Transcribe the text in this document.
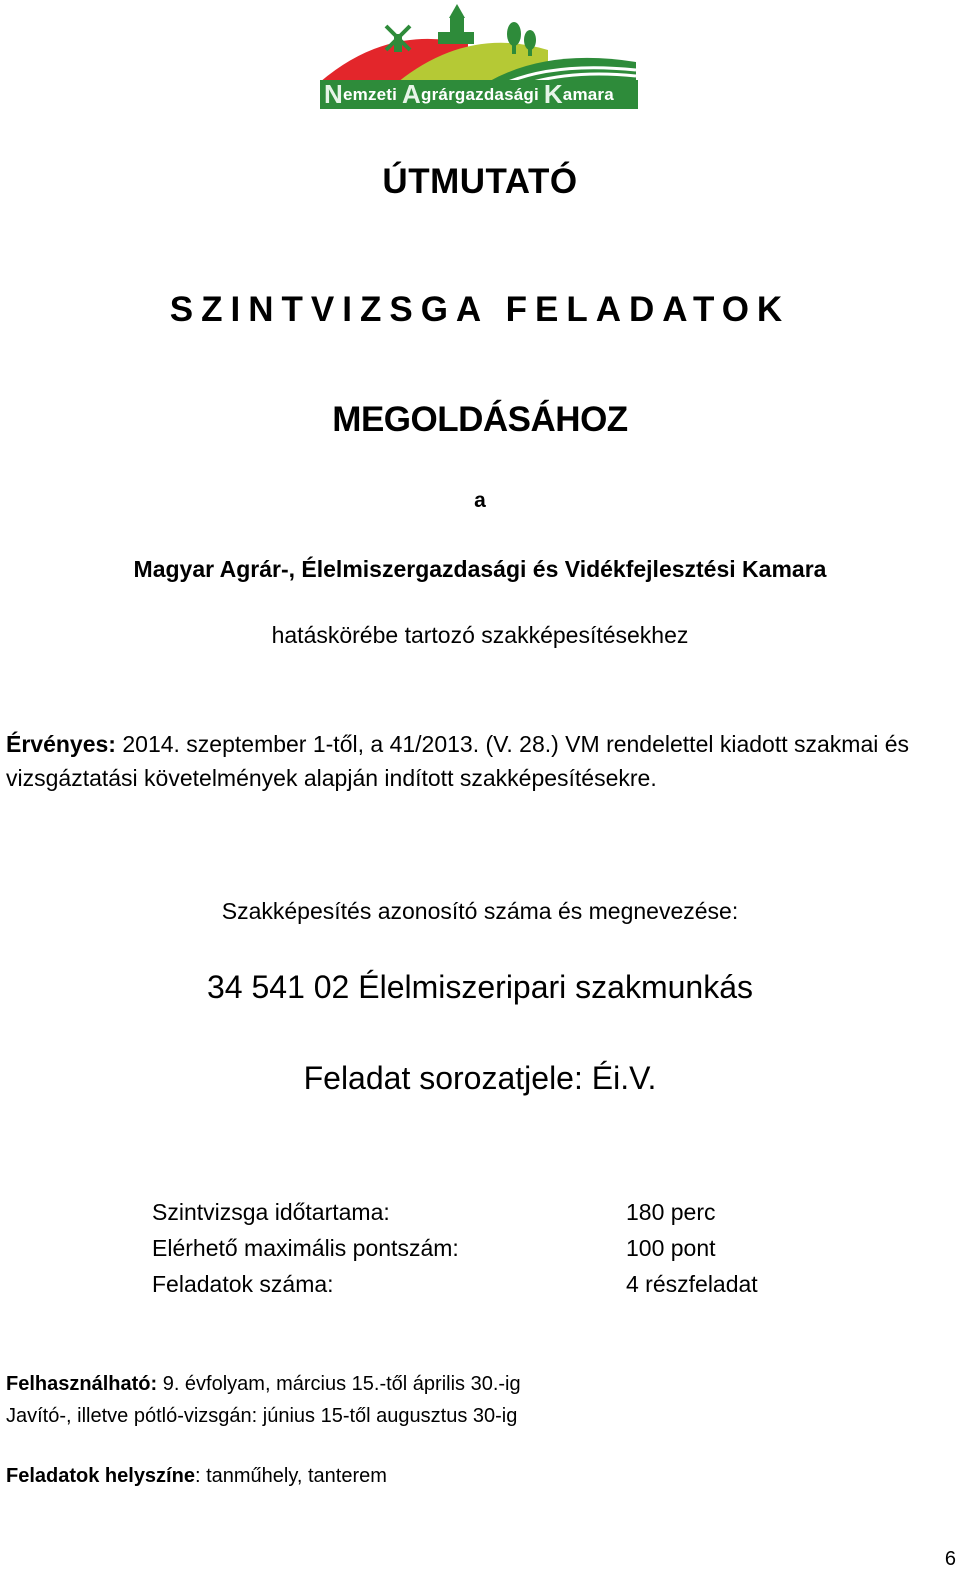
Nemzeti Agrárgazdasági Kamara
ÚTMUTATÓ
SZINTVIZSGA FELADATOK
MEGOLDÁSÁHOZ
a
Magyar Agrár-, Élelmiszergazdasági és Vidékfejlesztési Kamara
hatáskörébe tartozó szakképesítésekhez
Érvényes: 2014. szeptember 1-től, a 41/2013. (V. 28.) VM rendelettel kiadott szakmai és vizsgáztatási követelmények alapján indított szakképesítésekre.
Szakképesítés azonosító száma és megnevezése:
34 541 02 Élelmiszeripari szakmunkás
Feladat sorozatjele: Éi.V.
Szintvizsga időtartama:
Elérhető maximális pontszám:
Feladatok száma:
180 perc
100 pont
4 részfeladat
Felhasználható: 9. évfolyam, március 15.-től április 30.-ig
Javító-, illetve pótló-vizsgán: június 15-től augusztus 30-ig
Feladatok helyszíne: tanműhely, tanterem
6
